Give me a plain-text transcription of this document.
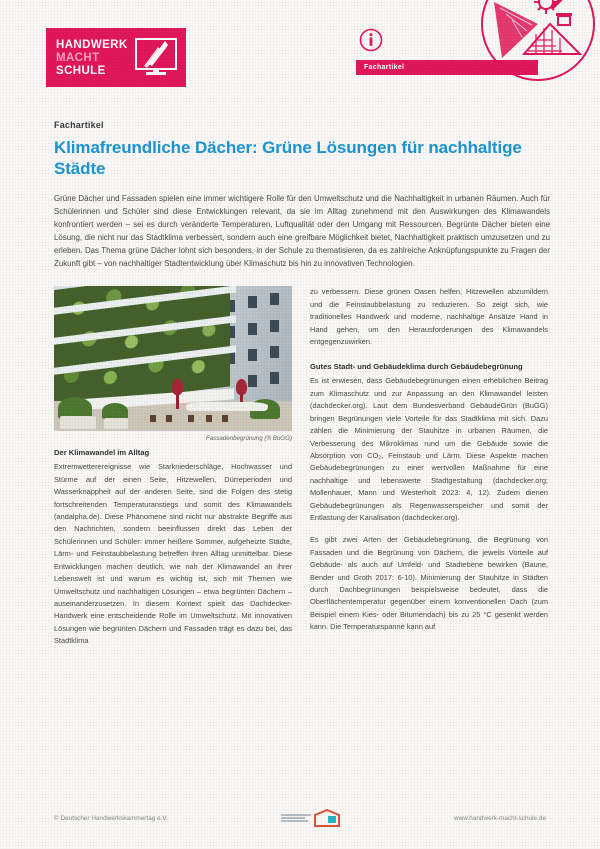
HANDWERK
MACHT
SCHULE	Fachartikel
Fachartikel
Klimafreundliche Dächer: Grüne Lösungen für nachhaltige Städte

Grüne Dächer und Fassaden spielen eine immer wichtigere Rolle für den Umweltschutz und die Nachhaltigkeit in urbanen Räumen. Auch für Schülerinnen und Schüler sind diese Entwicklungen relevant, da sie im Alltag zunehmend mit den Auswirkungen des Klimawandels konfrontiert werden – sei es durch veränderte Temperaturen, Luftqualität oder den Umgang mit Ressourcen. Begrünte Dächer bieten eine Lösung, die nicht nur das Stadtklima verbessert, sondern auch eine greifbare Möglichkeit bietet, Nachhaltigkeit praktisch umzusetzen und zu erleben. Das Thema grüne Dächer lohnt sich besonders, in der Schule zu thematisieren, da es zahlreiche Anknüpfungspunkte zu Fragen der Zukunft gibt – von nachhaltiger Stadtentwicklung über Klimaschutz bis hin zu innovativen Technologien.

Fassadenbegrünung (® BuGG)
Der Klimawandel im Alltag

Extremwetterereignisse wie Starkniederschläge, Hochwasser und Stürme auf der einen Seite, Hitzewellen, Dürreperioden und Wasserknappheit auf der anderen Seite, sind die Folgen des stetig fortschreitenden Temperaturanstiegs und somit des Klimawandels (andalpha.de). Diese Phänomene sind nicht nur abstrakte Begriffe aus den Nachrichten, sondern beeinflussen direkt das Leben der Schülerinnen und Schüler: immer heißere Sommer, aufgeheizte Städte, Lärm- und Feinstaubbelastung betreffen ihren Alltag unmittelbar. Diese Entwicklungen machen deutlich, wie nah der Klimawandel an ihrer Lebenswelt ist und warum es wichtig ist, sich mit Themen wie Umweltschutz und nachhaltigen Lösungen – etwa begrünten Dächern – auseinanderzusetzen. In diesem Kontext spielt das Dachdecker-Handwerk eine entscheidende Rolle im Umweltschutz. Mit innovativen Lösungen wie begrünten Dächern und Fassaden trägt es dazu bei, das Stadtklima

zu verbessern. Diese grünen Oasen helfen, Hitzewellen abzumildern und die Feinstaubbelastung zu reduzieren. So zeigt sich, wie traditionelles Handwerk und moderne, nachhaltige Ansätze Hand in Hand gehen, um den Herausforderungen des Klimawandels entgegenzuwirken.

Gutes Stadt- und Gebäudeklima durch Gebäudebegrünung

Es ist erwiesen, dass Gebäudebegrünungen einen erheblichen Beitrag zum Klimaschutz und zur Anpassung an den Klimawandel leisten (dachdecker.org). Laut dem Bundesverband GebäudeGrün (BuGG) bringen Begrünungen viele Vorteile für das Stadtklima mit sich. Dazu zählen die Minimierung der Stauhitze in urbanen Räumen, die Verbesserung des Mikroklimas rund um die Gebäude sowie die Absorption von CO₂, Feinstaub und Lärm. Diese Aspekte machen Gebäudebegrünungen zu einer wertvollen Maßnahme für eine nachhaltige und lebenswerte Stadtgestaltung (dachdecker.org; Mollenhauer, Mann und Westerholt 2023: 4, 12). Zudem dienen Gebäudebegrünungen als Regenwasserspeicher und somit der Entlastung der Kanalisation (dachdecker.org).

Es gibt zwei Arten der Gebäudebegrünung, die Begrünung von Fassaden und die Begrünung von Dächern, die jeweils Vorteile auf Gebäude- als auch auf Umfeld- und Stadtebene bewirken (Baune, Bender und Groth 2017: 6-10). Minimierung der Stauhitze in Städten durch Dachbegrünungen beispielsweise bedeutet, dass die Oberflächentemperatur gegenüber einem konventionellen Dach (zum Beispiel einem Kies- oder Bitumendach) bis zu 25 °C gesenkt werden kann. Die Temperaturspanne kann auf

© Deutscher Handwerkskammertag e.V.	www.handwerk-macht-schule.de
